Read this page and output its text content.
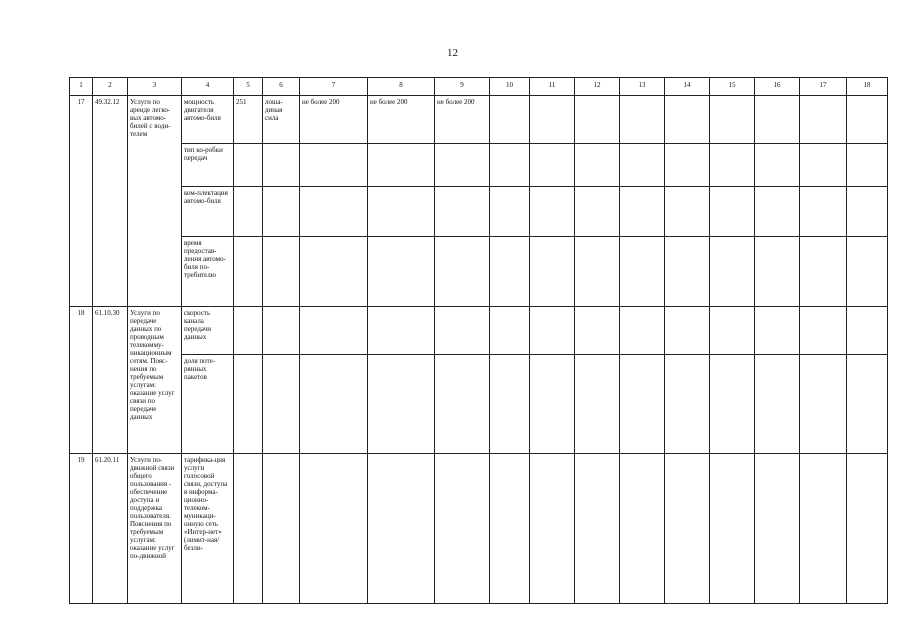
12
1	2	3	4	5	6	7	8	9	10	11	12	13	14	15	16	17	18
17	49.32.12	Услуги по аренде легко-вых автомо-билей с води-телем	мощность двигателя автомо-биля	251	лоша-диная сила	не более 200	не более 200	не более 200									
			тип ко-робки передач														
			ком-плектация автомо-биля														
			время предостав-ления автомо-биля по-требителю														
18	61.10.30	Услуги по передаче данных по проводным телекомму-никационным сетям. Пояс-нения по требуемым услугам: оказание услуг связи по передаче данных	скорость канала передачи данных														
			доля поте-рянных пакетов														
19	61.20.11	Услуги по-движной связи общего пользования - обеспечение доступа и поддержка пользователя. Пояснения по требуемым услугам: оказание услуг по-движной	тарифика-ция услуги голосовой связи, доступа в информа-ционно-телеком-муникаци-онную сеть «Интер-нет» (лимит-ная/безли-														
